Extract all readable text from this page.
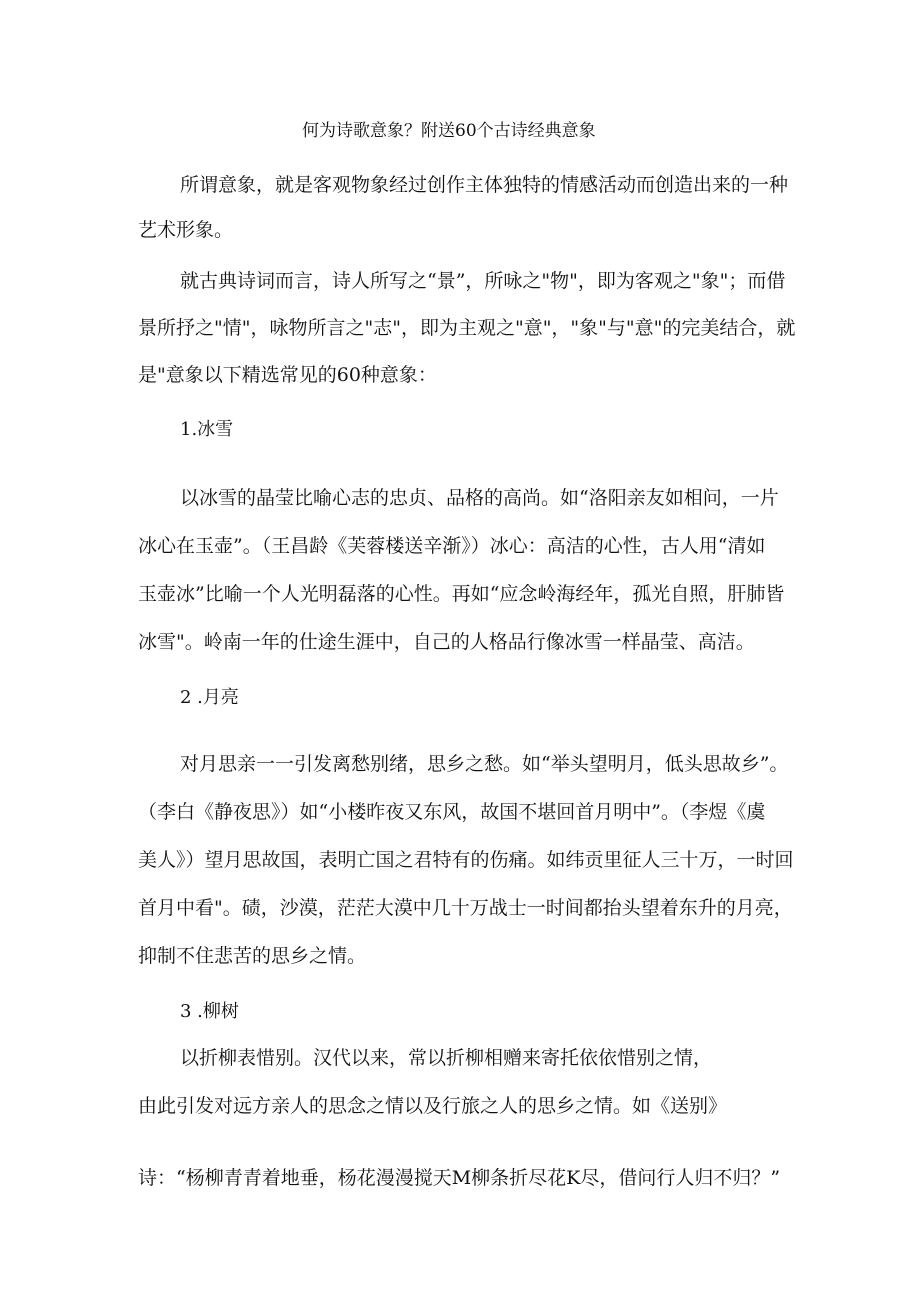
何为诗歌意象？附送60个古诗经典意象
所谓意象，就是客观物象经过创作主体独特的情感活动而创造出来的一种
艺术形象。
就古典诗词而言，诗人所写之“景”，所咏之"物"，即为客观之"象"；而借
景所抒之"情"，咏物所言之"志"，即为主观之"意"，"象"与"意"的完美结合，就
是"意象以下精选常见的60种意象：
1.冰雪
以冰雪的晶莹比喻心志的忠贞、品格的高尚。如“洛阳亲友如相问，一片
冰心在玉壶”。（王昌龄《芙蓉楼送辛渐》）冰心：高洁的心性，古人用“清如
玉壶冰”比喻一个人光明磊落的心性。再如“应念岭海经年，孤光自照，肝肺皆
冰雪"。岭南一年的仕途生涯中，自己的人格品行像冰雪一样晶莹、高洁。
2 .月亮
对月思亲一一引发离愁别绪，思乡之愁。如“举头望明月，低头思故乡”。
（李白《静夜思》）如“小楼昨夜又东风，故国不堪回首月明中”。（李煜《虞
美人》）望月思故国，表明亡国之君特有的伤痛。如纬贡里征人三十万，一时回
首月中看"。碛，沙漠，茫茫大漠中几十万战士一时间都抬头望着东升的月亮，
抑制不住悲苦的思乡之情。
3 .柳树
以折柳表惜别。汉代以来，常以折柳相赠来寄托依依惜别之情，
由此引发对远方亲人的思念之情以及行旅之人的思乡之情。如《送别》
诗：“杨柳青青着地垂，杨花漫漫搅天M柳条折尽花K尽，借问行人归不归？”
